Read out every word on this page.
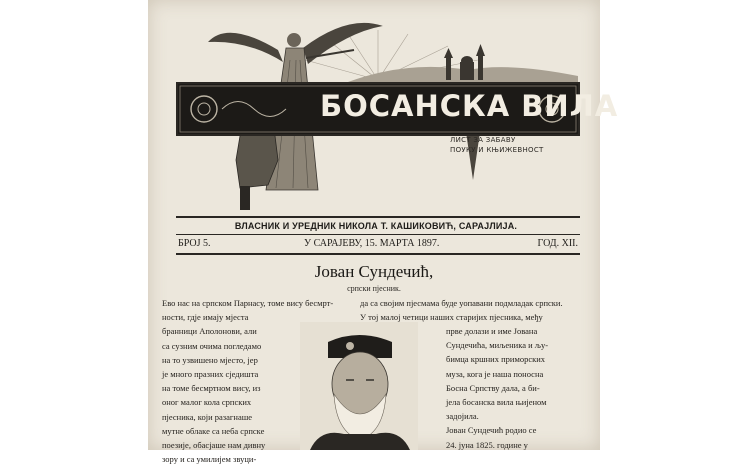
БОСАНСКА ВИЛА
ЛИСТ ЗА ЗАБАВУ
ПОУКУ И КЊИЖЕВНОСТ
ВЛАСНИК И УРЕДНИК НИКОЛА Т. КАШИКОВИЋ, САРАЈЛИЈА.
БРОЈ 5.	У САРАЈЕВУ, 15. МАРТА 1897.	ГОД. XII.
Јован Сундечић,
српски пјесник.
Ево нас на српском Парнасу, томе вису бесмрт-
ности, гдје имају мјеста
бранници Аполонови, али
са сузним очима погледамо
на то узвишено мјесто, јер
је много празних сједишта
на томе бесмртном вису, из
оног малог кола српских
пјесника, који разагнаше
мутне облаке са неба српске
поезије, обасјаше нам дивну
зору и са умилијем звуци-
да са својим пјесмама буде уопавани подмладак српски.
У тој малој четици наших старијих пјесника, међу
прве долази и име Јована
Сундечића, миљеника и љу-
бимца кршних приморских
муза, кога је наша поносна
Босна Српству дала, а би-
јела босанска вила њијеном
задојила.
Јован Сундечић родио се
24. јуна 1825. године у
